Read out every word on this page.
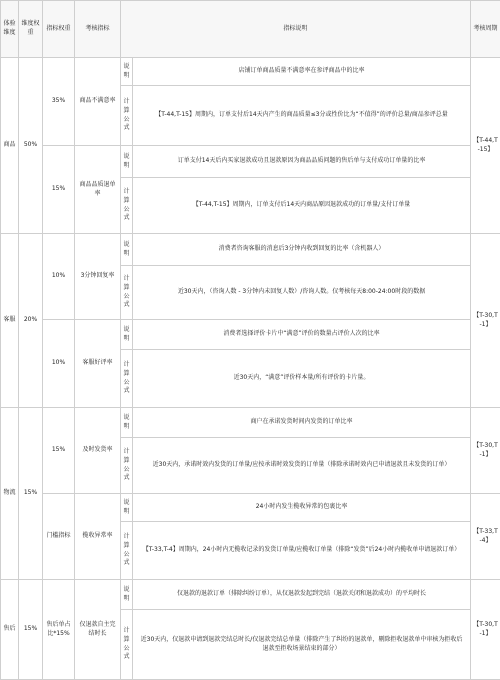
体验维度	维度权重	指标权重	考核指标	指标说明		考核周期
商品	50%	35%	商品不满意率	说明	店铺订单商品质量不满意率在参评商品中的比率	【T-44,T-15】
				计算公式	【T-44,T-15】周期内，订单支付后14天内产生的商品质量≤3分或性价比为“不值得”的评价总量/商品参评总量	
		15%	商品品质退单率	说明	订单支付14天后内买家退款成功且退款原因为商品品质问题的售后单与支付成功订单量的比率	
				计算公式	【T-44,T-15】周期内，订单支付后14天内商品原因退款成功的订单量/支付订单量	
客服	20%	10%	3分钟回复率	说明	消费者咨询客服的消息后3分钟内收到回复的比率（含机器人）	【T-30,T-1】
				计算公式	近30天内，（咨询人数 - 3分钟内未回复人数）/咨询人数。仅考核每天8:00-24:00时段的数据	
		10%	客服好评率	说明	消费者选择评价卡片中“满意”评价的数量占评价人次的比率	
				计算公式	近30天内，“满意”评价样本量/所有评价的卡片量。	
物流	15%	15%	及时发货率	说明	商户在承诺发货时间内发货的订单比率	【T-30,T-1】
				计算公式	近30天内，承诺时效内发货的订单量/应按承诺时效发货的订单量（排除承诺时效内已申请退款且未发货的订单）	
		门槛指标	揽收异常率	说明	24小时内发生揽收异常的包裹比率	【T-33,T-4】
				计算公式	【T-33,T-4】周期内，24小时内无揽收记录的发货订单量/应揽收订单量（排除“发货”后24小时内揽收单申请退款订单）	
售后	15%	售后单占比*15%	仅退款自主完结时长	说明	仅退款的退款订单（排除纠纷订单），从仅退款发起到完结（退款关闭和退款成功）的平均时长	【T-30,T-1】
				计算公式	近30天内，仅退款申请到退款完结总时长/仅退款完结总单量（排除产生了纠纷的退款单，剔除拒收退款单中审核为拒收后退款至拒收场景结束的部分）	
